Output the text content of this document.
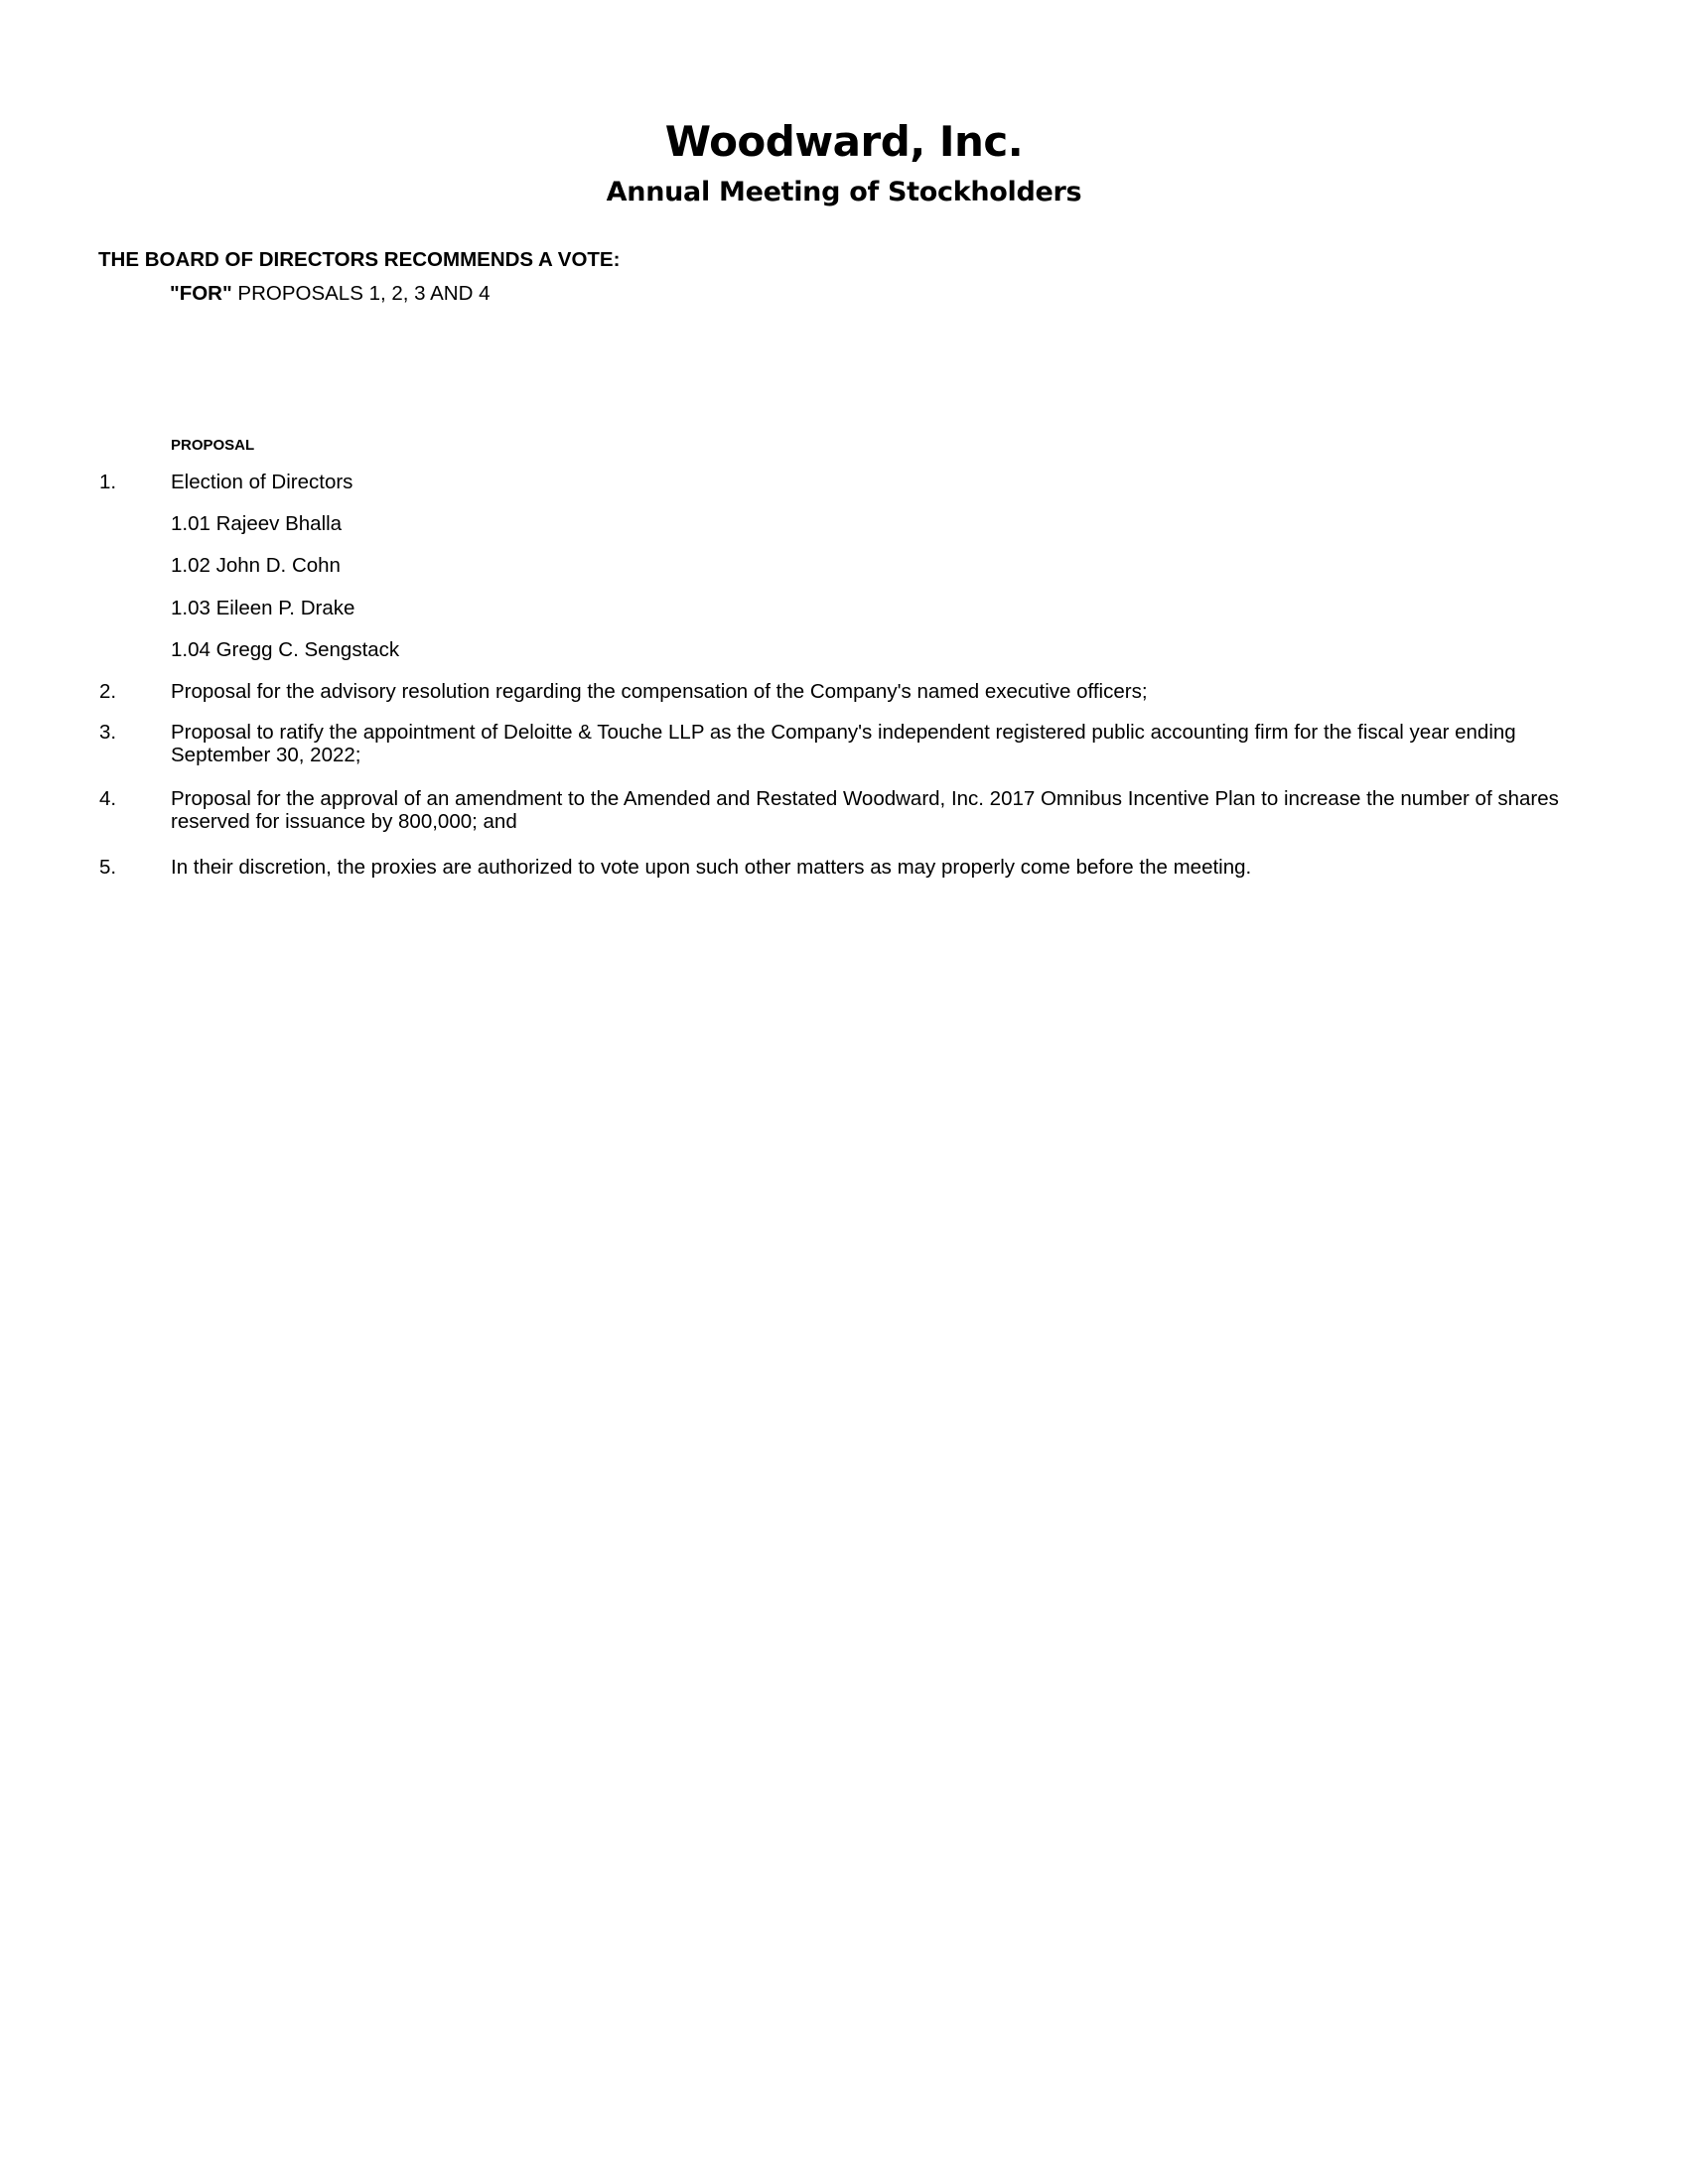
Woodward, Inc.
Annual Meeting of Stockholders

THE BOARD OF DIRECTORS RECOMMENDS A VOTE:

"FOR" PROPOSALS 1, 2, 3 AND 4

PROPOSAL

1.	Election of Directors
1.01 Rajeev Bhalla
1.02 John D. Cohn
1.03 Eileen P. Drake
1.04 Gregg C. Sengstack
2.	Proposal for the advisory resolution regarding the compensation of the Company's named executive officers;
3.	Proposal to ratify the appointment of Deloitte & Touche LLP as the Company's independent registered public accounting firm for the fiscal year ending September 30, 2022;
4.	Proposal for the approval of an amendment to the Amended and Restated Woodward, Inc. 2017 Omnibus Incentive Plan to increase the number of shares reserved for issuance by 800,000; and
5.	In their discretion, the proxies are authorized to vote upon such other matters as may properly come before the meeting.
